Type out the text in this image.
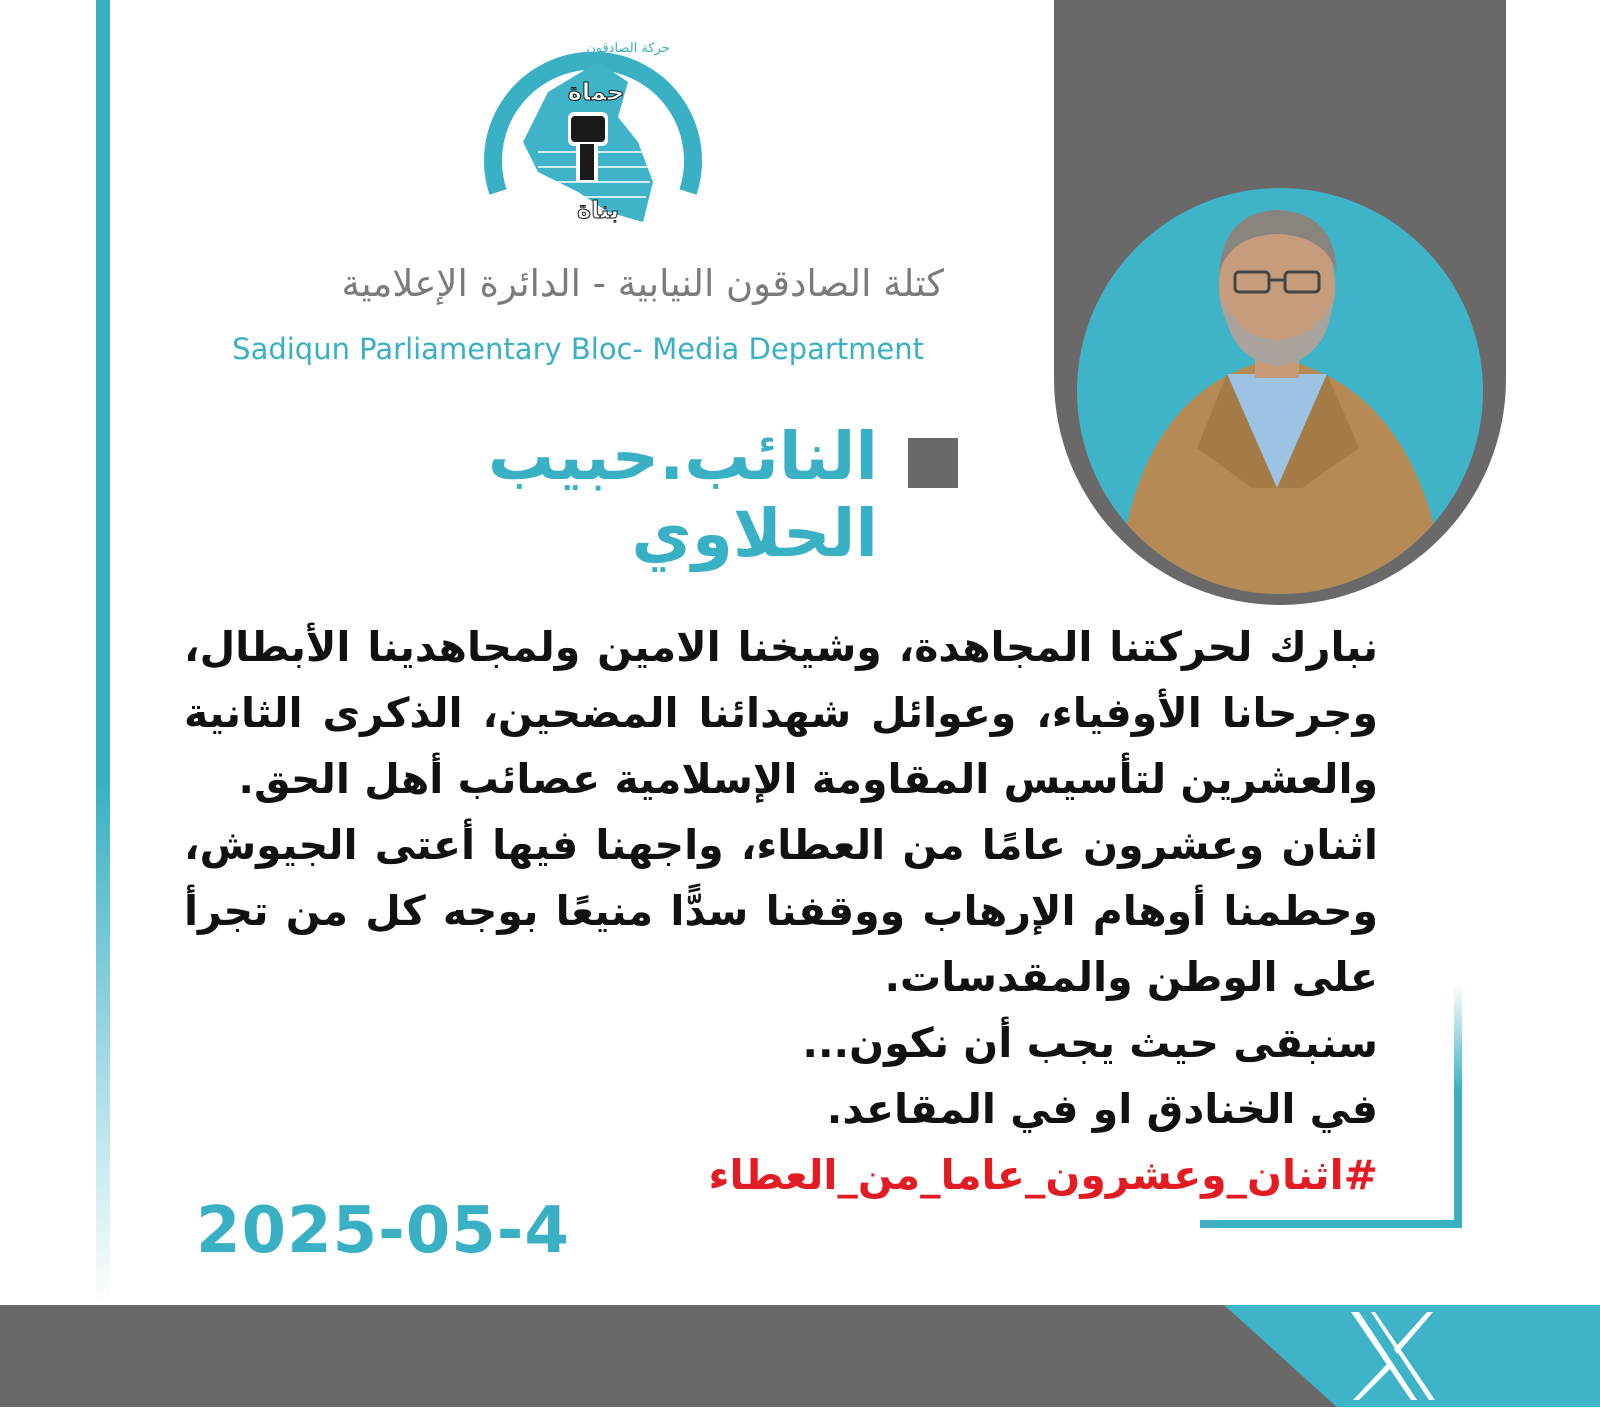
حماة
بناة
حركة الصادقون
كتلة الصادقون النيابية - الدائرة الإعلامية
Sadiqun Parliamentary Bloc- Media Department
النائب.حبيب الحلاوي

نبارك لحركتنا المجاهدة، وشيخنا الامين ولمجاهدينا الأبطال، وجرحانا الأوفياء، وعوائل شهدائنا المضحين، الذكرى الثانية والعشرين لتأسيس المقاومة الإسلامية عصائب أهل الحق.

اثنان وعشرون عامًا من العطاء، واجهنا فيها أعتى الجيوش، وحطمنا أوهام الإرهاب ووقفنا سدًّا منيعًا بوجه كل من تجرأ على الوطن والمقدسات.

سنبقى حيث يجب أن نكون...

في الخنادق او في المقاعد.

#اثنان_وعشرون_عاما_من_العطاء

2025-05-4
